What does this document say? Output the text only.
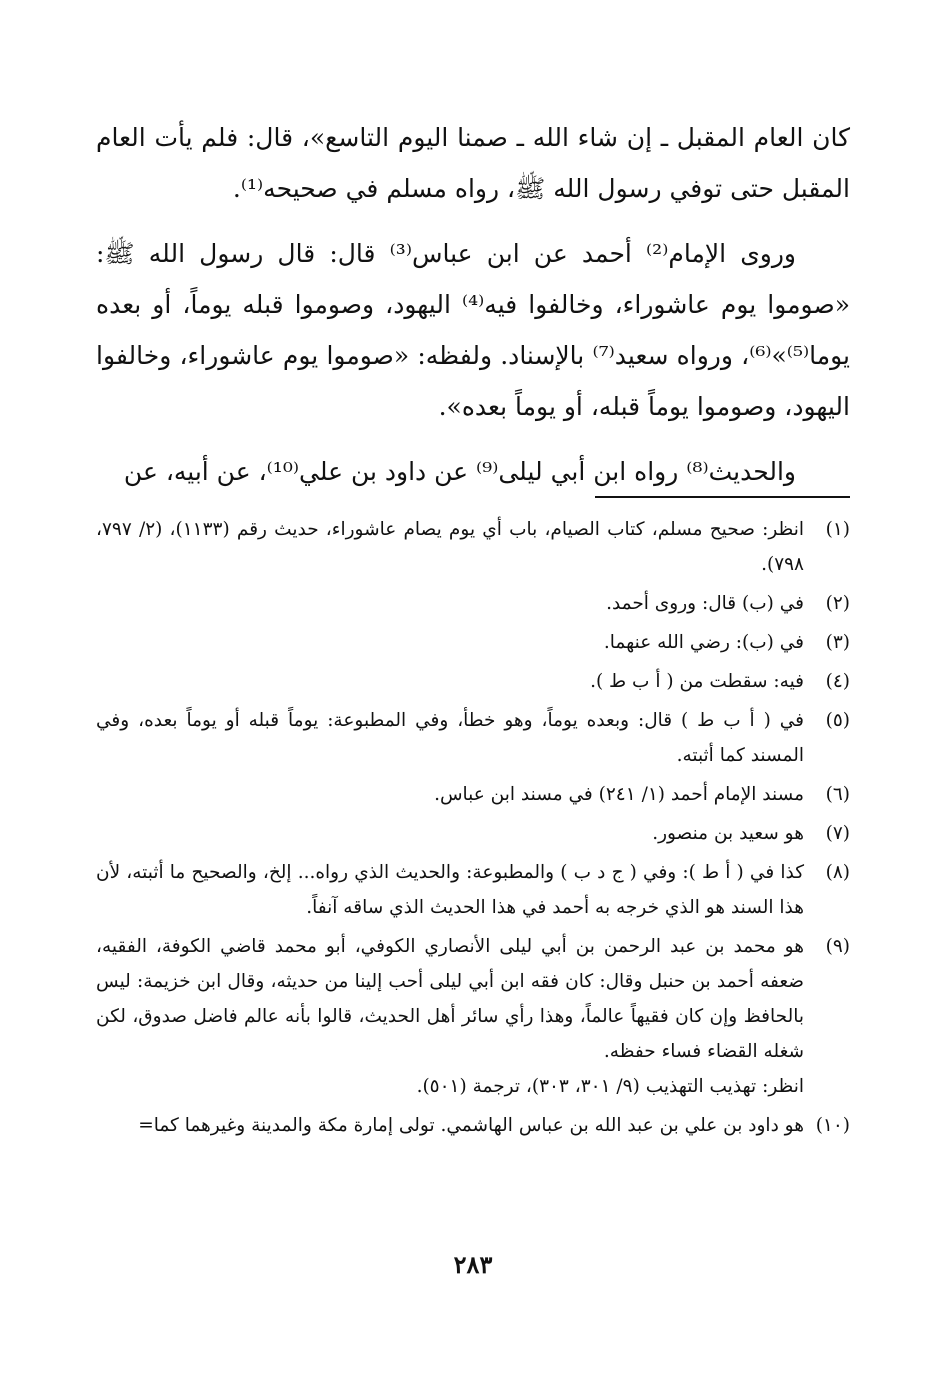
كان العام المقبل ـ إن شاء الله ـ صمنا اليوم التاسع»، قال: فلم يأت العام المقبل حتى توفي رسول الله ﷺ، رواه مسلم في صحيحه⁽¹⁾.

وروى الإمام⁽²⁾ أحمد عن ابن عباس⁽³⁾ قال: قال رسول الله ﷺ: «صوموا يوم عاشوراء، وخالفوا فيه⁽⁴⁾ اليهود، وصوموا قبله يوماً، أو بعده يوما⁽⁵⁾»⁽⁶⁾، ورواه سعيد⁽⁷⁾ بالإسناد. ولفظه: «صوموا يوم عاشوراء، وخالفوا اليهود، وصوموا يوماً قبله، أو يوماً بعده».

والحديث⁽⁸⁾ رواه ابن أبي ليلى⁽⁹⁾ عن داود بن علي⁽¹⁰⁾، عن أبيه، عن

(١)

انظر: صحيح مسلم، كتاب الصيام، باب أي يوم يصام عاشوراء، حديث رقم (١١٣٣)، (٢/ ٧٩٧، ٧٩٨).

(٢)

في (ب) قال: وروى أحمد.

(٣)

في (ب): رضي الله عنهما.

(٤)

فيه: سقطت من ( أ ب ط ).

(٥)

في ( أ ب ط ) قال: وبعده يوماً، وهو خطأ، وفي المطبوعة: يوماً قبله أو يوماً بعده، وفي المسند كما أثبته.

(٦)

مسند الإمام أحمد (١/ ٢٤١) في مسند ابن عباس.

(٧)

هو سعيد بن منصور.

(٨)

كذا في ( أ ط ): وفي ( ج د ب ) والمطبوعة: والحديث الذي رواه... إلخ، والصحيح ما أثبته، لأن هذا السند هو الذي خرجه به أحمد في هذا الحديث الذي ساقه آنفاً.

(٩)

هو محمد بن عبد الرحمن بن أبي ليلى الأنصاري الكوفي، أبو محمد قاضي الكوفة، الفقيه، ضعفه أحمد بن حنبل وقال: كان فقه ابن أبي ليلى أحب إلينا من حديثه، وقال ابن خزيمة: ليس بالحافظ وإن كان فقيهاً عالماً، وهذا رأي سائر أهل الحديث، قالوا بأنه عالم فاضل صدوق، لكن شغله القضاء فساء حفظه.

انظر: تهذيب التهذيب (٩/ ٣٠١، ٣٠٣)، ترجمة (٥٠١).

(١٠)

هو داود بن علي بن عبد الله بن عباس الهاشمي. تولى إمارة مكة والمدينة وغيرهما كما=

٢٨٣
